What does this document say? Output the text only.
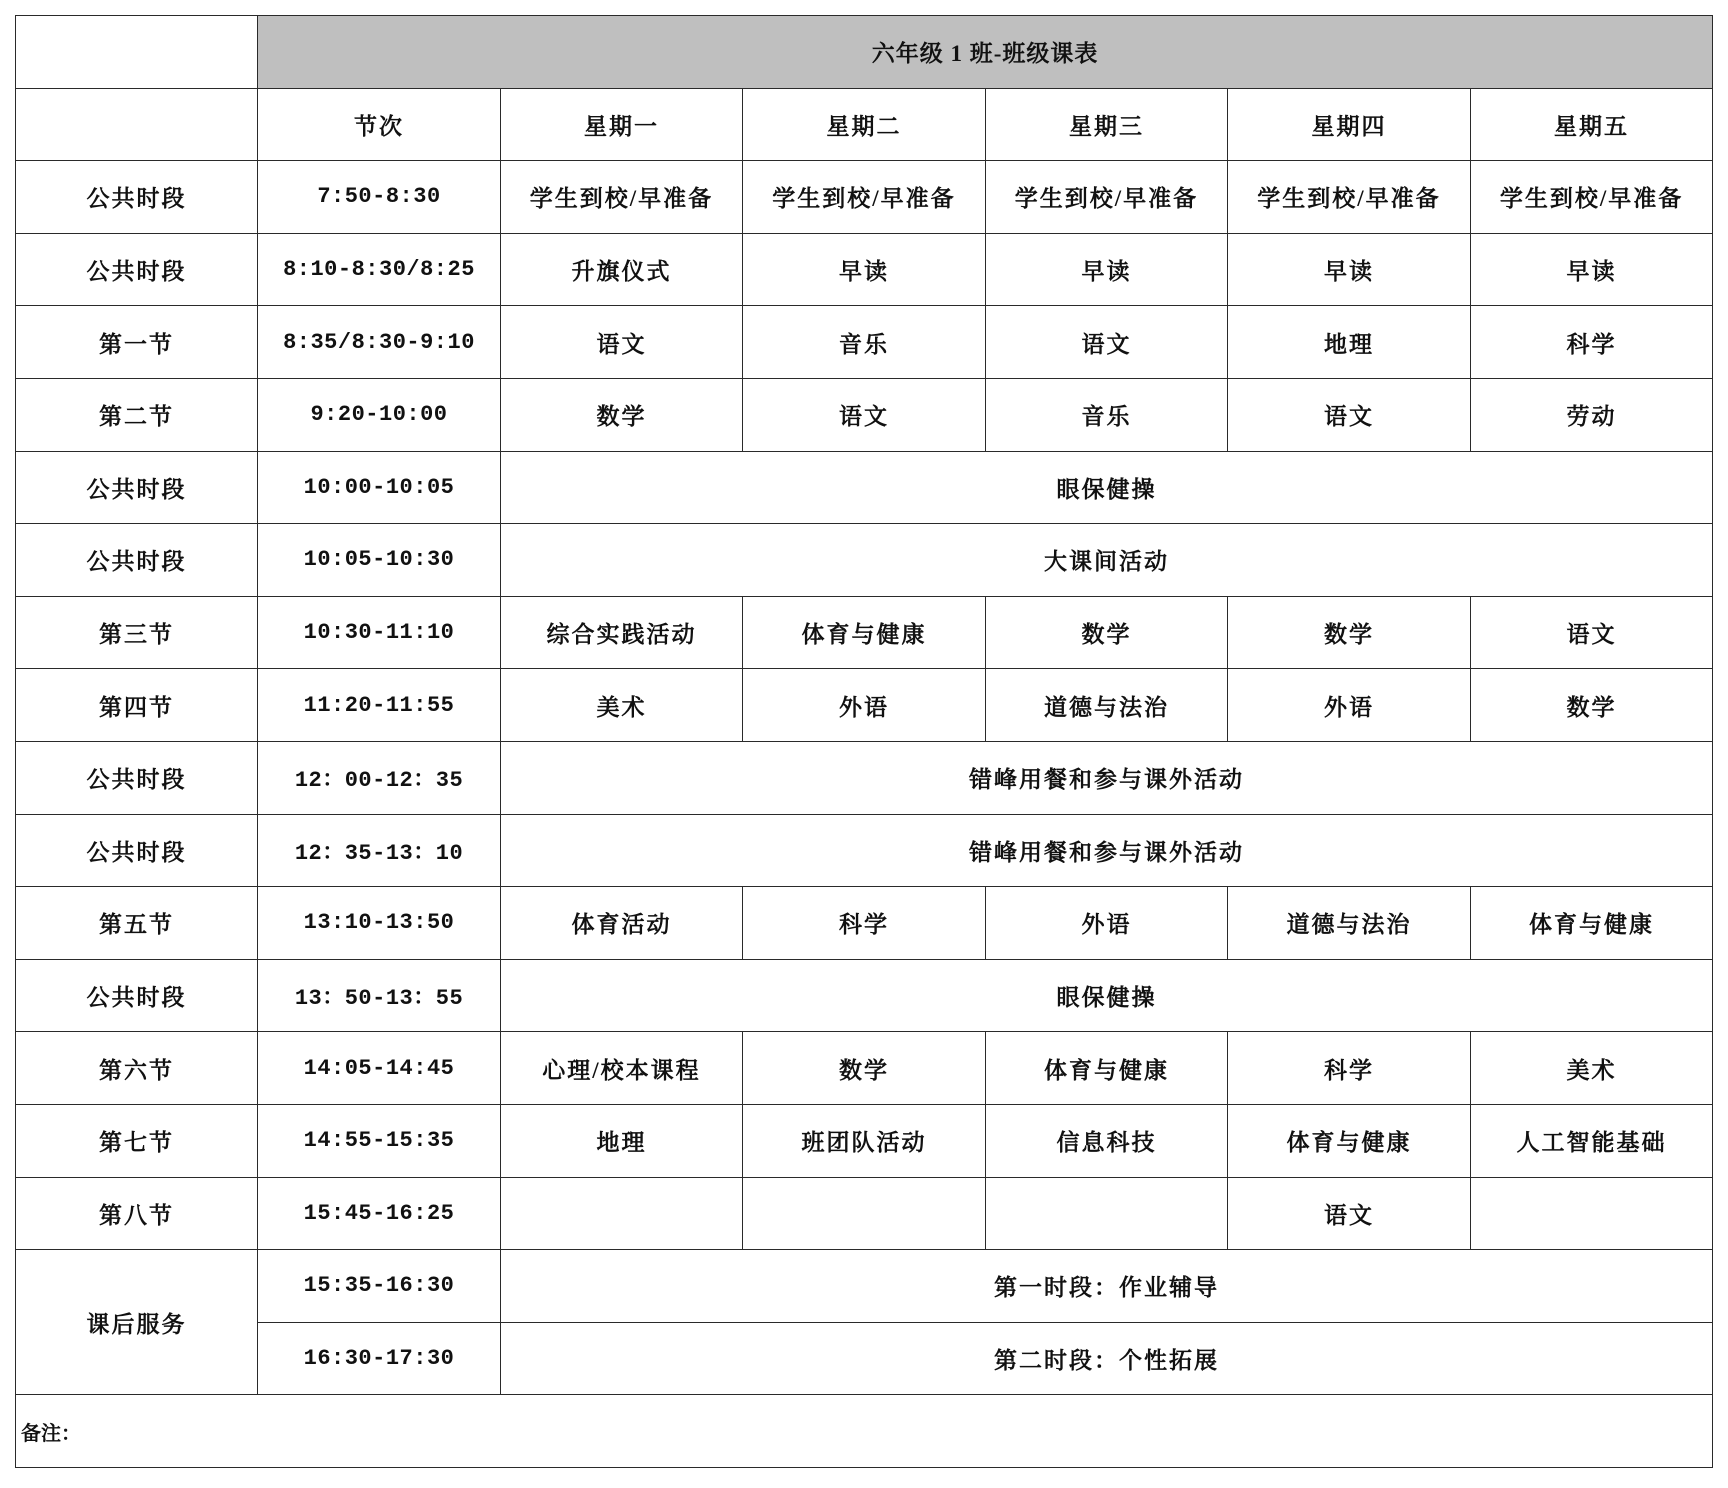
	六年级 1 班-班级课表					
	节次	星期一	星期二	星期三	星期四	星期五
公共时段	7:50-8:30	学生到校/早准备	学生到校/早准备	学生到校/早准备	学生到校/早准备	学生到校/早准备
公共时段	8:10-8:30/8:25	升旗仪式	早读	早读	早读	早读
第一节	8:35/8:30-9:10	语文	音乐	语文	地理	科学
第二节	9:20-10:00	数学	语文	音乐	语文	劳动
公共时段	10:00-10:05	眼保健操				
公共时段	10:05-10:30	大课间活动				
第三节	10:30-11:10	综合实践活动	体育与健康	数学	数学	语文
第四节	11:20-11:55	美术	外语	道德与法治	外语	数学
公共时段	12：00-12：35	错峰用餐和参与课外活动				
公共时段	12：35-13：10	错峰用餐和参与课外活动				
第五节	13:10-13:50	体育活动	科学	外语	道德与法治	体育与健康
公共时段	13：50-13：55	眼保健操				
第六节	14:05-14:45	心理/校本课程	数学	体育与健康	科学	美术
第七节	14:55-15:35	地理	班团队活动	信息科技	体育与健康	人工智能基础
第八节	15:45-16:25				语文	
课后服务	15:35-16:30	第一时段：作业辅导				
	16:30-17:30	第二时段：个性拓展				
备注：						
